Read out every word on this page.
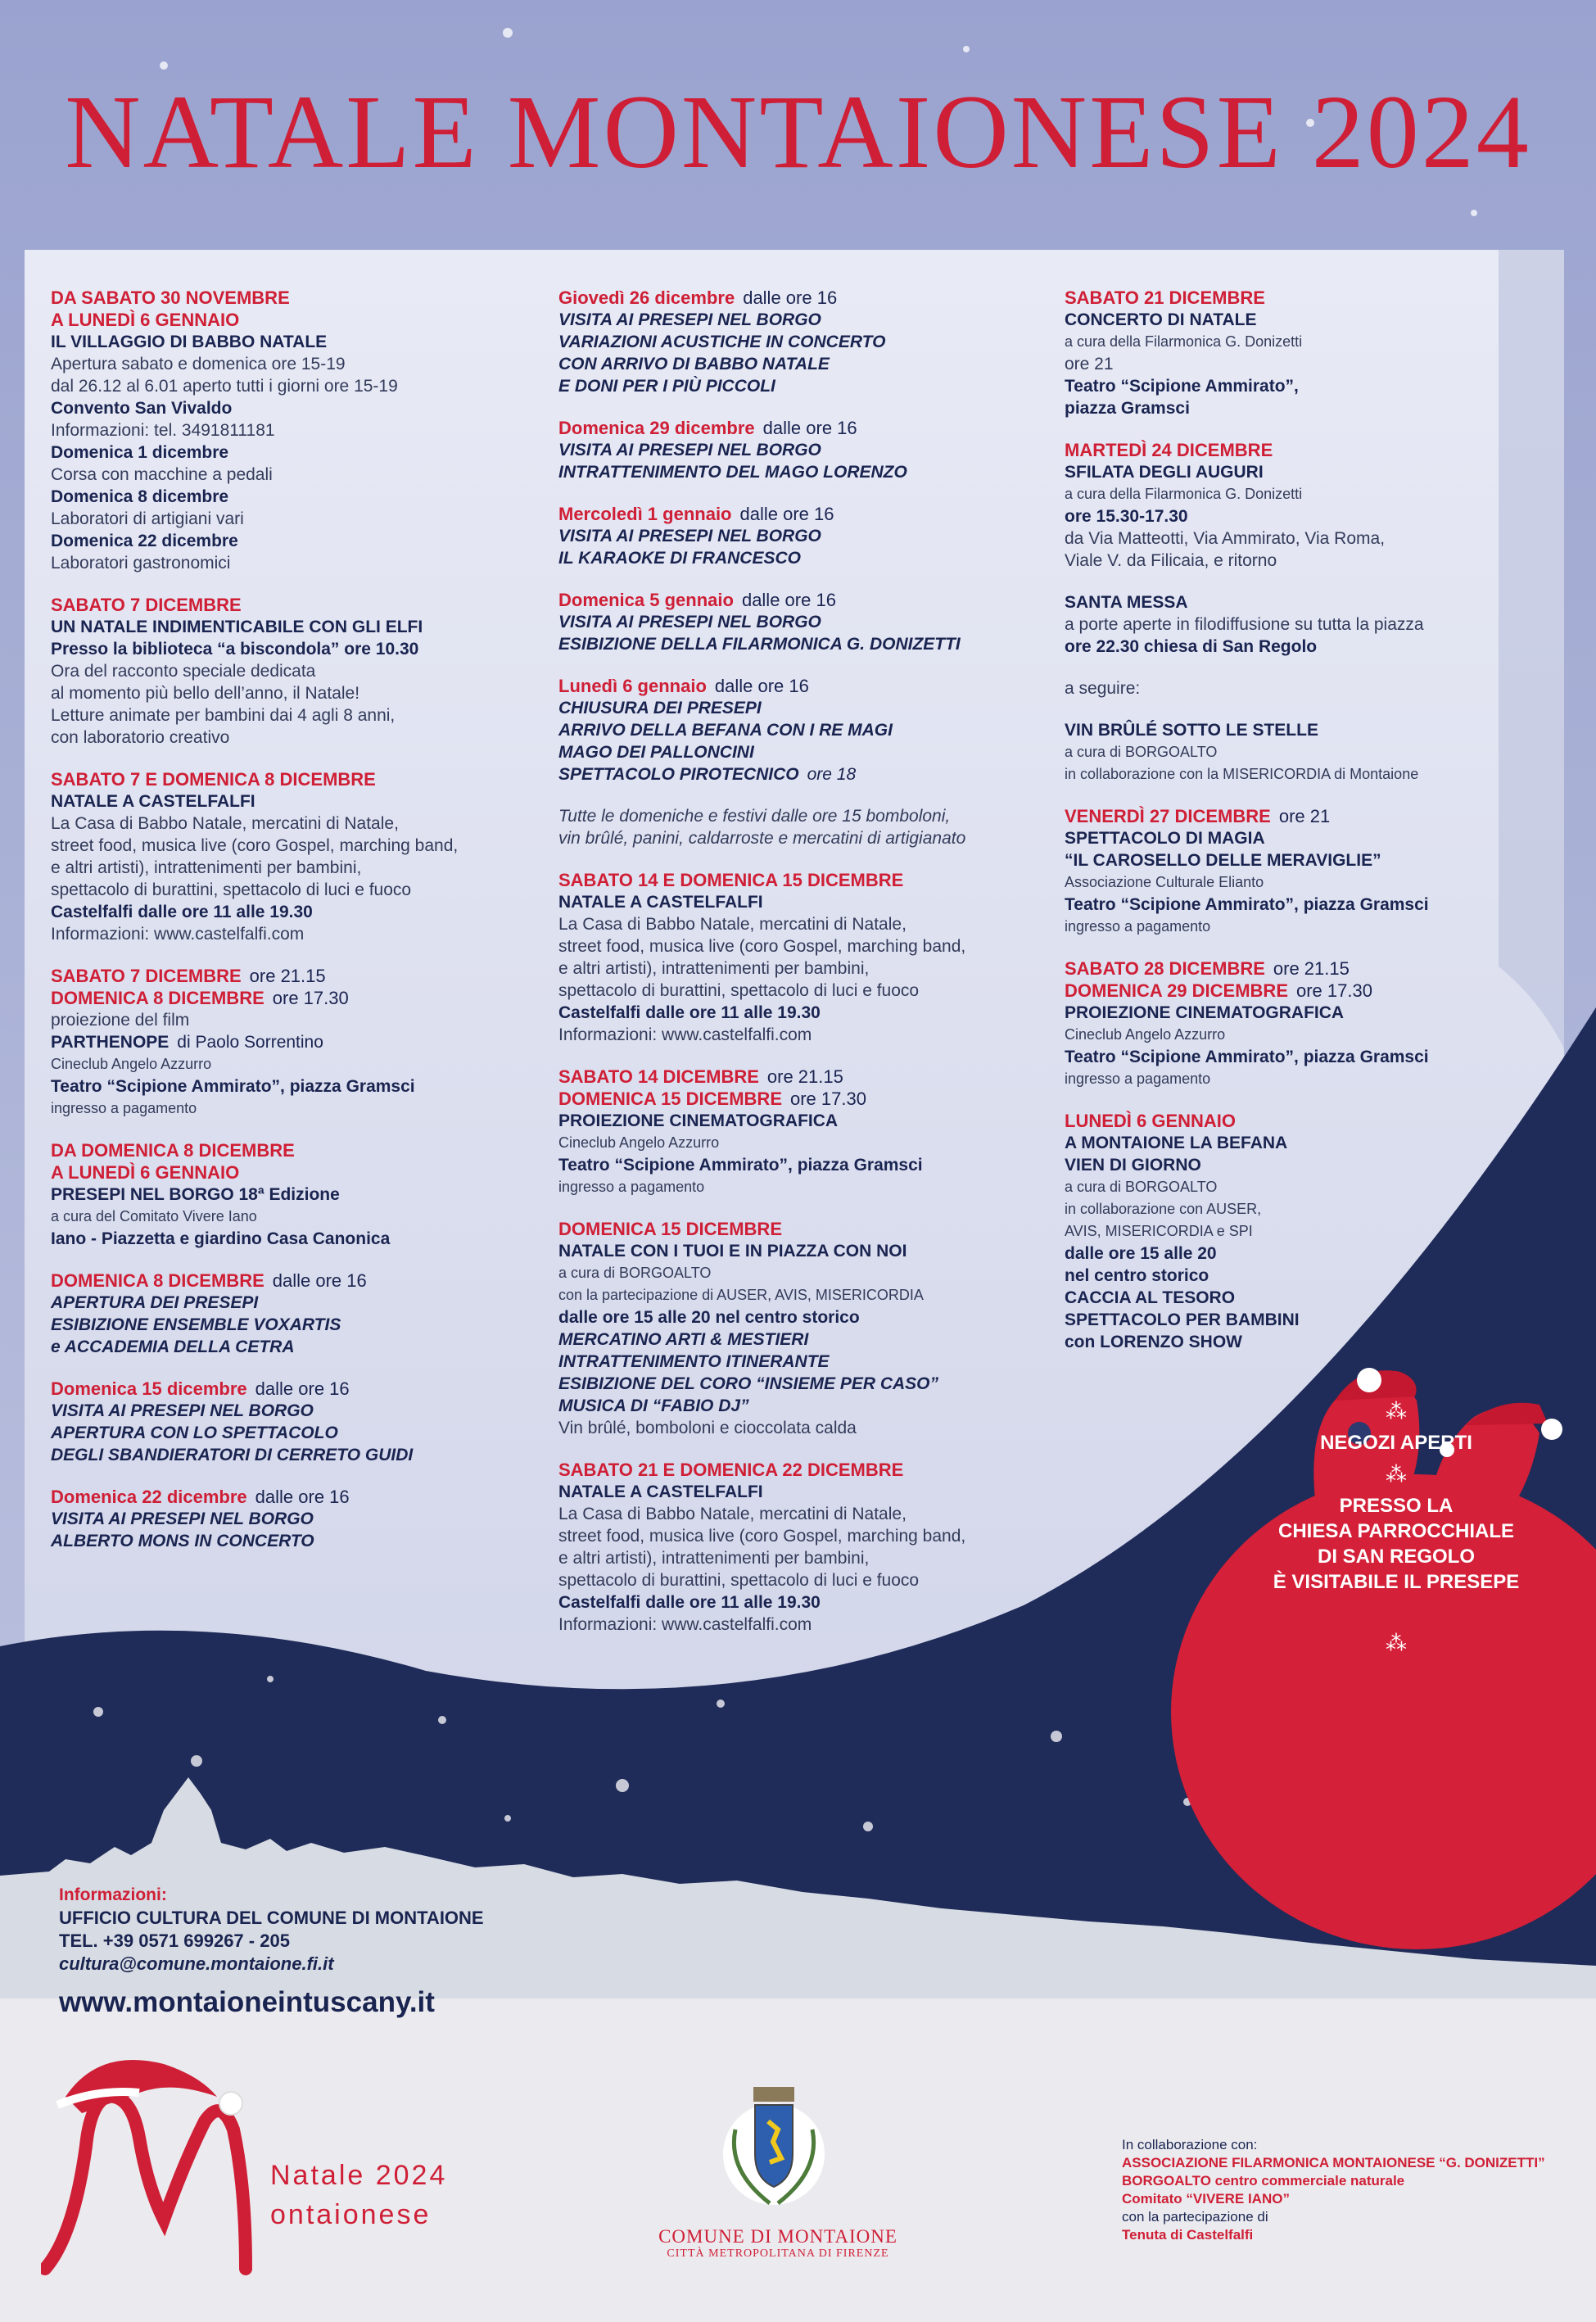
NATALE MONTAIONESE 2024
DA SABATO 30 NOVEMBRE
A LUNEDÌ 6 GENNAIO
IL VILLAGGIO DI BABBO NATALE
Apertura sabato e domenica ore 15-19
dal 26.12 al 6.01 aperto tutti i giorni ore 15-19
Convento San Vivaldo
Informazioni: tel. 3491811181
Domenica 1 dicembre
Corsa con macchine a pedali
Domenica 8 dicembre
Laboratori di artigiani vari
Domenica 22 dicembre
Laboratori gastronomici
SABATO 7 DICEMBRE
UN NATALE INDIMENTICABILE CON GLI ELFI
Presso la biblioteca “a biscondola” ore 10.30
Ora del racconto speciale dedicata
al momento più bello dell’anno, il Natale!
Letture animate per bambini dai 4 agli 8 anni,
con laboratorio creativo
SABATO 7 E DOMENICA 8 DICEMBRE
NATALE A CASTELFALFI
La Casa di Babbo Natale, mercatini di Natale,
street food, musica live (coro Gospel, marching band,
e altri artisti), intrattenimenti per bambini,
spettacolo di burattini, spettacolo di luci e fuoco
Castelfalfi dalle ore 11 alle 19.30
Informazioni: www.castelfalfi.com
SABATO 7 DICEMBRE ore 21.15
DOMENICA 8 DICEMBRE ore 17.30
proiezione del film
PARTHENOPE di Paolo Sorrentino
Cineclub Angelo Azzurro
Teatro “Scipione Ammirato”, piazza Gramsci
ingresso a pagamento
DA DOMENICA 8 DICEMBRE
A LUNEDÌ 6 GENNAIO
PRESEPI NEL BORGO 18ª Edizione
a cura del Comitato Vivere Iano
Iano - Piazzetta e giardino Casa Canonica
DOMENICA 8 DICEMBRE dalle ore 16
APERTURA DEI PRESEPI
ESIBIZIONE ENSEMBLE VOXARTIS
e ACCADEMIA DELLA CETRA
Domenica 15 dicembre dalle ore 16
VISITA AI PRESEPI NEL BORGO
APERTURA CON LO SPETTACOLO
DEGLI SBANDIERATORI DI CERRETO GUIDI
Domenica 22 dicembre dalle ore 16
VISITA AI PRESEPI NEL BORGO
ALBERTO MONS IN CONCERTO
Giovedì 26 dicembre dalle ore 16
VISITA AI PRESEPI NEL BORGO
VARIAZIONI ACUSTICHE IN CONCERTO
CON ARRIVO DI BABBO NATALE
E DONI PER I PIÙ PICCOLI
Domenica 29 dicembre dalle ore 16
VISITA AI PRESEPI NEL BORGO
INTRATTENIMENTO DEL MAGO LORENZO
Mercoledì 1 gennaio dalle ore 16
VISITA AI PRESEPI NEL BORGO
IL KARAOKE DI FRANCESCO
Domenica 5 gennaio dalle ore 16
VISITA AI PRESEPI NEL BORGO
ESIBIZIONE DELLA FILARMONICA G. DONIZETTI
Lunedì 6 gennaio dalle ore 16
CHIUSURA DEI PRESEPI
ARRIVO DELLA BEFANA CON I RE MAGI
MAGO DEI PALLONCINI
SPETTACOLO PIROTECNICO ore 18
Tutte le domeniche e festivi dalle ore 15 bomboloni,
vin brûlé, panini, caldarroste e mercatini di artigianato
SABATO 14 E DOMENICA 15 DICEMBRE
NATALE A CASTELFALFI
La Casa di Babbo Natale, mercatini di Natale,
street food, musica live (coro Gospel, marching band,
e altri artisti), intrattenimenti per bambini,
spettacolo di burattini, spettacolo di luci e fuoco
Castelfalfi dalle ore 11 alle 19.30
Informazioni: www.castelfalfi.com
SABATO 14 DICEMBRE ore 21.15
DOMENICA 15 DICEMBRE ore 17.30
PROIEZIONE CINEMATOGRAFICA
Cineclub Angelo Azzurro
Teatro “Scipione Ammirato”, piazza Gramsci
ingresso a pagamento
DOMENICA 15 DICEMBRE
NATALE CON I TUOI E IN PIAZZA CON NOI
a cura di BORGOALTO
con la partecipazione di AUSER, AVIS, MISERICORDIA
dalle ore 15 alle 20 nel centro storico
MERCATINO ARTI & MESTIERI
INTRATTENIMENTO ITINERANTE
ESIBIZIONE DEL CORO “INSIEME PER CASO”
MUSICA DI “FABIO DJ”
Vin brûlé, bomboloni e cioccolata calda
SABATO 21 E DOMENICA 22 DICEMBRE
NATALE A CASTELFALFI
La Casa di Babbo Natale, mercatini di Natale,
street food, musica live (coro Gospel, marching band,
e altri artisti), intrattenimenti per bambini,
spettacolo di burattini, spettacolo di luci e fuoco
Castelfalfi dalle ore 11 alle 19.30
Informazioni: www.castelfalfi.com
SABATO 21 DICEMBRE
CONCERTO DI NATALE
a cura della Filarmonica G. Donizetti
ore 21
Teatro “Scipione Ammirato”,
piazza Gramsci
MARTEDÌ 24 DICEMBRE
SFILATA DEGLI AUGURI
a cura della Filarmonica G. Donizetti
ore 15.30-17.30
da Via Matteotti, Via Ammirato, Via Roma,
Viale V. da Filicaia, e ritorno
SANTA MESSA
a porte aperte in filodiffusione su tutta la piazza
ore 22.30 chiesa di San Regolo
a seguire:
VIN BRÛLÉ SOTTO LE STELLE
a cura di BORGOALTO
in collaborazione con la MISERICORDIA di Montaione
VENERDÌ 27 DICEMBRE ore 21
SPETTACOLO DI MAGIA
“IL CAROSELLO DELLE MERAVIGLIE”
Associazione Culturale Elianto
Teatro “Scipione Ammirato”, piazza Gramsci
ingresso a pagamento
SABATO 28 DICEMBRE ore 21.15
DOMENICA 29 DICEMBRE ore 17.30
PROIEZIONE CINEMATOGRAFICA
Cineclub Angelo Azzurro
Teatro “Scipione Ammirato”, piazza Gramsci
ingresso a pagamento
LUNEDÌ 6 GENNAIO
A MONTAIONE LA BEFANA
VIEN DI GIORNO
a cura di BORGOALTO
in collaborazione con AUSER,
AVIS, MISERICORDIA e SPI
dalle ore 15 alle 20
nel centro storico
CACCIA AL TESORO
SPETTACOLO PER BAMBINI
con LORENZO SHOW
⁂
NEGOZI APERTI
⁂
PRESSO LA
CHIESA PARROCCHIALE
DI SAN REGOLO
È VISITABILE IL PRESEPE
⁂
Informazioni:
UFFICIO CULTURA DEL COMUNE DI MONTAIONE
TEL. +39 0571 699267 - 205
cultura@comune.montaione.fi.it
www.montaioneintuscany.it
Natale 2024
ontaionese
COMUNE DI MONTAIONE
CITTÀ METROPOLITANA DI FIRENZE
In collaborazione con:
ASSOCIAZIONE FILARMONICA MONTAIONESE “G. DONIZETTI”
BORGOALTO centro commerciale naturale
Comitato “VIVERE IANO”
con la partecipazione di
Tenuta di Castelfalfi
